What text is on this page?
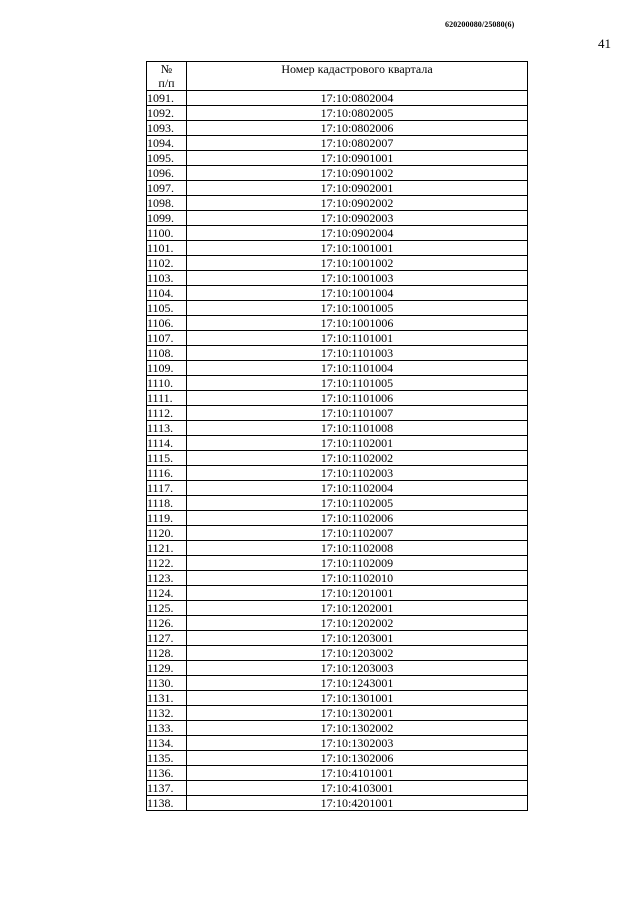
620200080/25080(6)
41
№
п/п	Номер кадастрового квартала
1091.	17:10:0802004
1092.	17:10:0802005
1093.	17:10:0802006
1094.	17:10:0802007
1095.	17:10:0901001
1096.	17:10:0901002
1097.	17:10:0902001
1098.	17:10:0902002
1099.	17:10:0902003
1100.	17:10:0902004
1101.	17:10:1001001
1102.	17:10:1001002
1103.	17:10:1001003
1104.	17:10:1001004
1105.	17:10:1001005
1106.	17:10:1001006
1107.	17:10:1101001
1108.	17:10:1101003
1109.	17:10:1101004
1110.	17:10:1101005
1111.	17:10:1101006
1112.	17:10:1101007
1113.	17:10:1101008
1114.	17:10:1102001
1115.	17:10:1102002
1116.	17:10:1102003
1117.	17:10:1102004
1118.	17:10:1102005
1119.	17:10:1102006
1120.	17:10:1102007
1121.	17:10:1102008
1122.	17:10:1102009
1123.	17:10:1102010
1124.	17:10:1201001
1125.	17:10:1202001
1126.	17:10:1202002
1127.	17:10:1203001
1128.	17:10:1203002
1129.	17:10:1203003
1130.	17:10:1243001
1131.	17:10:1301001
1132.	17:10:1302001
1133.	17:10:1302002
1134.	17:10:1302003
1135.	17:10:1302006
1136.	17:10:4101001
1137.	17:10:4103001
1138.	17:10:4201001
